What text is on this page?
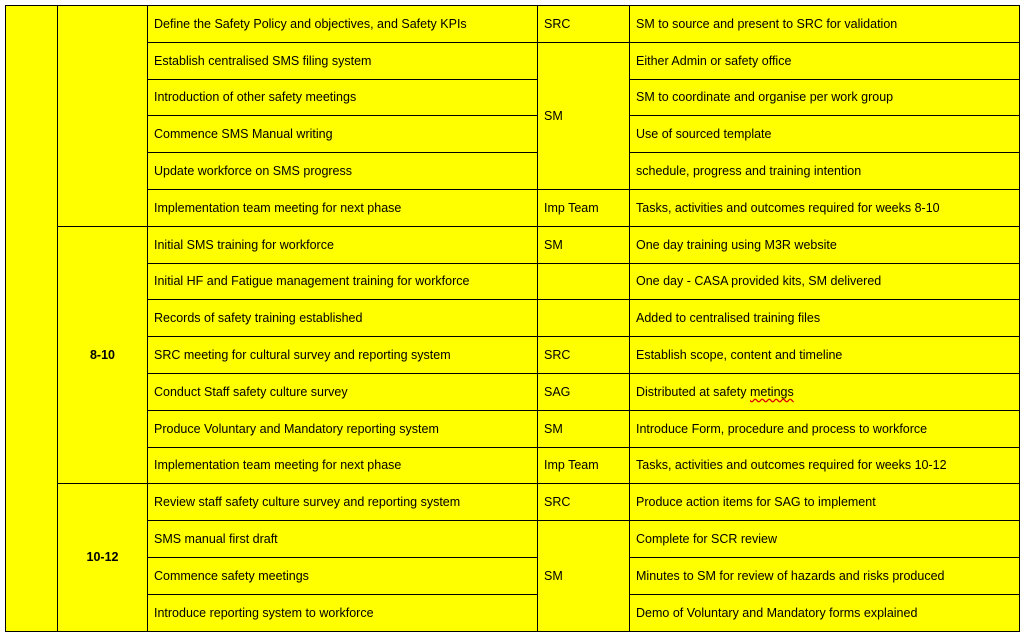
		Define the Safety Policy and objectives, and Safety KPIs	SRC	SM to source and present to SRC for validation
		Establish centralised SMS filing system	SM	Either Admin or safety office
		Introduction of other safety meetings		SM to coordinate and organise per work group
		Commence SMS Manual writing		Use of sourced template
		Update workforce on SMS progress		schedule, progress and training intention
		Implementation team meeting for next phase	Imp Team	Tasks, activities and outcomes required for weeks 8-10
	8-10	Initial SMS training for workforce	SM	One day training using M3R website
		Initial HF and Fatigue management training for workforce		One day - CASA provided kits, SM delivered
		Records of safety training established		Added to centralised training files
		SRC meeting for cultural survey and reporting system	SRC	Establish scope, content and timeline
		Conduct Staff safety culture survey	SAG	Distributed at safety metings
		Produce Voluntary and Mandatory reporting system	SM	Introduce Form, procedure and process to workforce
		Implementation team meeting for next phase	Imp Team	Tasks, activities and outcomes required for weeks 10-12
	10-12	Review staff safety culture survey and reporting system	SRC	Produce action items for SAG to implement
		SMS manual first draft	SM	Complete for SCR review
		Commence safety meetings		Minutes to SM for review of hazards and risks produced
		Introduce reporting system to workforce		Demo of Voluntary and Mandatory forms explained
